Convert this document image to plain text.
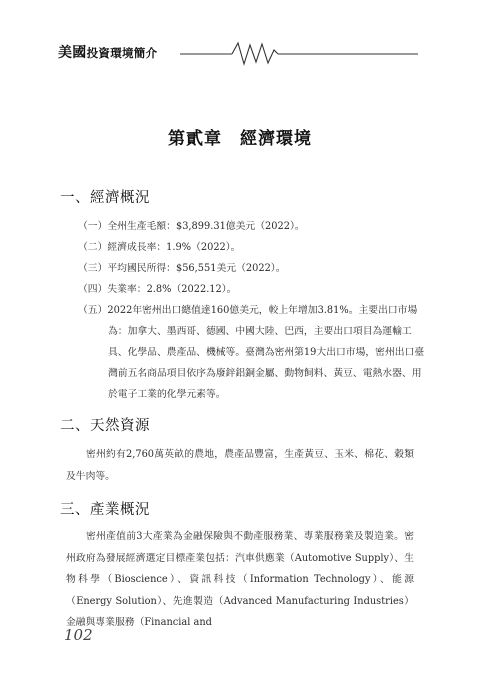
美國投資環境簡介
第貳章 經濟環境
一、經濟概況
（一）全州生產毛額：$3,899.31億美元（2022）。
（二）經濟成長率：1.9%（2022）。
（三）平均國民所得：$56,551美元（2022）。
（四）失業率：2.8%（2022.12）。
（五）2022年密州出口總值達160億美元，較上年增加3.81%。主要出口市場
為：加拿大、墨西哥、德國、中國大陸、巴西，主要出口項目為運輸工具、化學品、農產品、機械等。臺灣為密州第19大出口市場，密州出口臺灣前五名商品項目依序為廢鋅鋁銅金屬、動物飼料、黃豆、電熱水器、用於電子工業的化學元素等。
二、天然資源
密州約有2,760萬英畝的農地，農產品豐富，生產黃豆、玉米、棉花、穀類及牛肉等。
三、產業概況
密州產值前3大產業為金融保險與不動產服務業、專業服務業及製造業。密州政府為發展經濟選定目標產業包括：汽車供應業（Automotive Supply）、生物科學（Bioscience）、資訊科技（Information Technology）、能源（Energy Solution）、先進製造（Advanced Manufacturing Industries）金融與專業服務（Financial and
102
